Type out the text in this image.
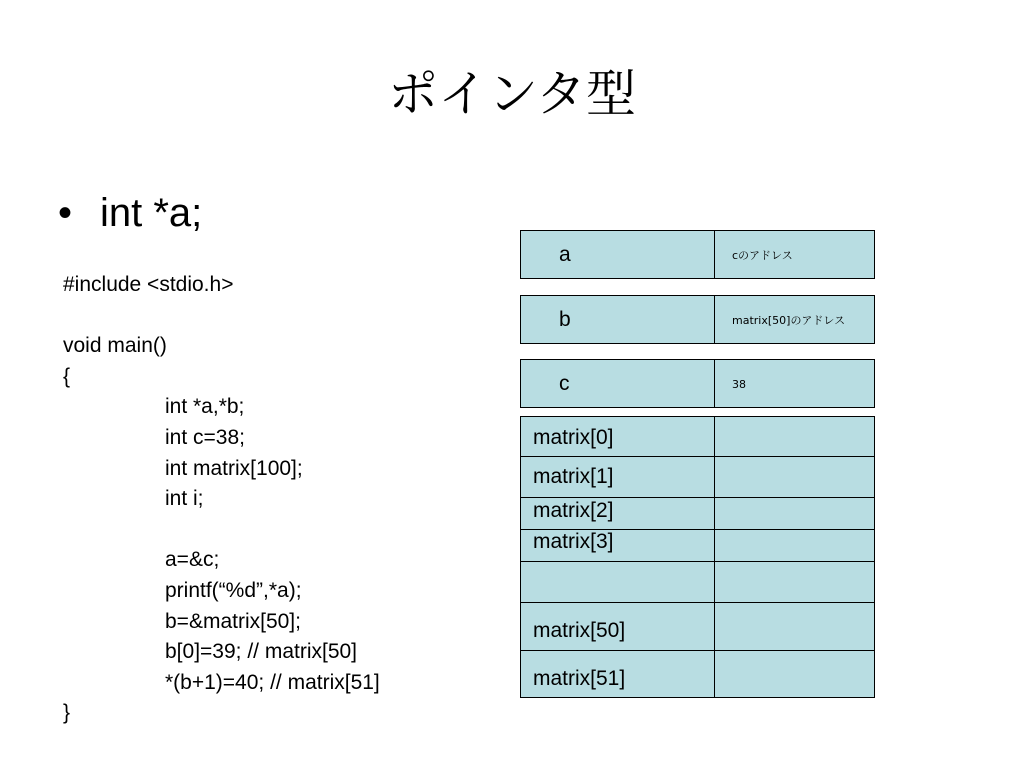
ポインタ型
• int *a;
#include <stdio.h>
void main()
{
int *a,*b;
int c=38;
int matrix[100];
int i;
a=&c;
printf(“%d”,*a);
b=&matrix[50];
b[0]=39; // matrix[50]
*(b+1)=40; // matrix[51]
}
a	cのアドレス
b	matrix[50]のアドレス
c	38
matrix[0]
matrix[1]
matrix[2]
matrix[3]
matrix[50]
matrix[51]
